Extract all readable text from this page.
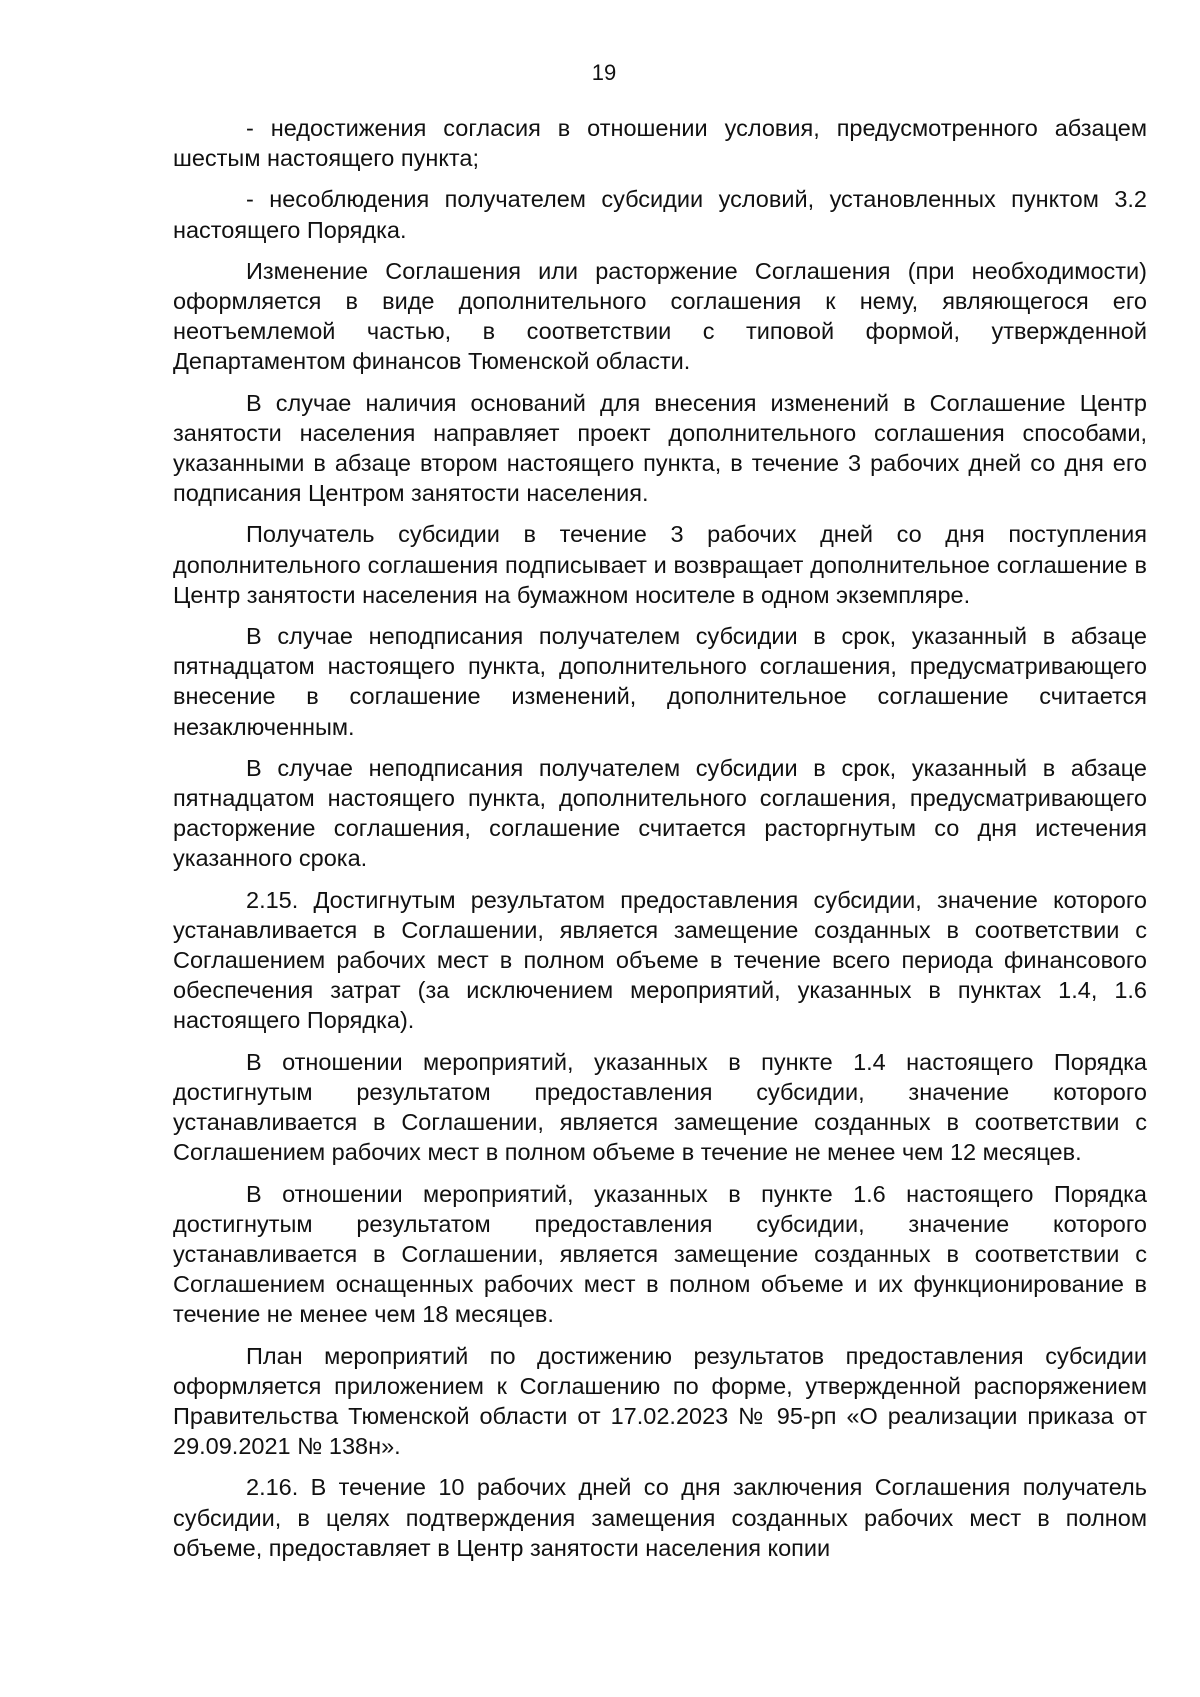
19

- недостижения согласия в отношении условия, предусмотренного абзацем шестым настоящего пункта;

- несоблюдения получателем субсидии условий, установленных пунктом 3.2 настоящего Порядка.

Изменение Соглашения или расторжение Соглашения (при необходимости) оформляется в виде дополнительного соглашения к нему, являющегося его неотъемлемой частью, в соответствии с типовой формой, утвержденной Департаментом финансов Тюменской области.

В случае наличия оснований для внесения изменений в Соглашение Центр занятости населения направляет проект дополнительного соглашения способами, указанными в абзаце втором настоящего пункта, в течение 3 рабочих дней со дня его подписания Центром занятости населения.

Получатель субсидии в течение 3 рабочих дней со дня поступления дополнительного соглашения подписывает и возвращает дополнительное соглашение в Центр занятости населения на бумажном носителе в одном экземпляре.

В случае неподписания получателем субсидии в срок, указанный в абзаце пятнадцатом настоящего пункта, дополнительного соглашения, предусматривающего внесение в соглашение изменений, дополнительное соглашение считается незаключенным.

В случае неподписания получателем субсидии в срок, указанный в абзаце пятнадцатом настоящего пункта, дополнительного соглашения, предусматривающего расторжение соглашения, соглашение считается расторгнутым со дня истечения указанного срока.

2.15. Достигнутым результатом предоставления субсидии, значение которого устанавливается в Соглашении, является замещение созданных в соответствии с Соглашением рабочих мест в полном объеме в течение всего периода финансового обеспечения затрат (за исключением мероприятий, указанных в пунктах 1.4, 1.6 настоящего Порядка).

В отношении мероприятий, указанных в пункте 1.4 настоящего Порядка достигнутым результатом предоставления субсидии, значение которого устанавливается в Соглашении, является замещение созданных в соответствии с Соглашением рабочих мест в полном объеме в течение не менее чем 12 месяцев.

В отношении мероприятий, указанных в пункте 1.6 настоящего Порядка достигнутым результатом предоставления субсидии, значение которого устанавливается в Соглашении, является замещение созданных в соответствии с Соглашением оснащенных рабочих мест в полном объеме и их функционирование в течение не менее чем 18 месяцев.

План мероприятий по достижению результатов предоставления субсидии оформляется приложением к Соглашению по форме, утвержденной распоряжением Правительства Тюменской области от 17.02.2023 № 95-рп «О реализации приказа от 29.09.2021 № 138н».

2.16. В течение 10 рабочих дней со дня заключения Соглашения получатель субсидии, в целях подтверждения замещения созданных рабочих мест в полном объеме, предоставляет в Центр занятости населения копии
